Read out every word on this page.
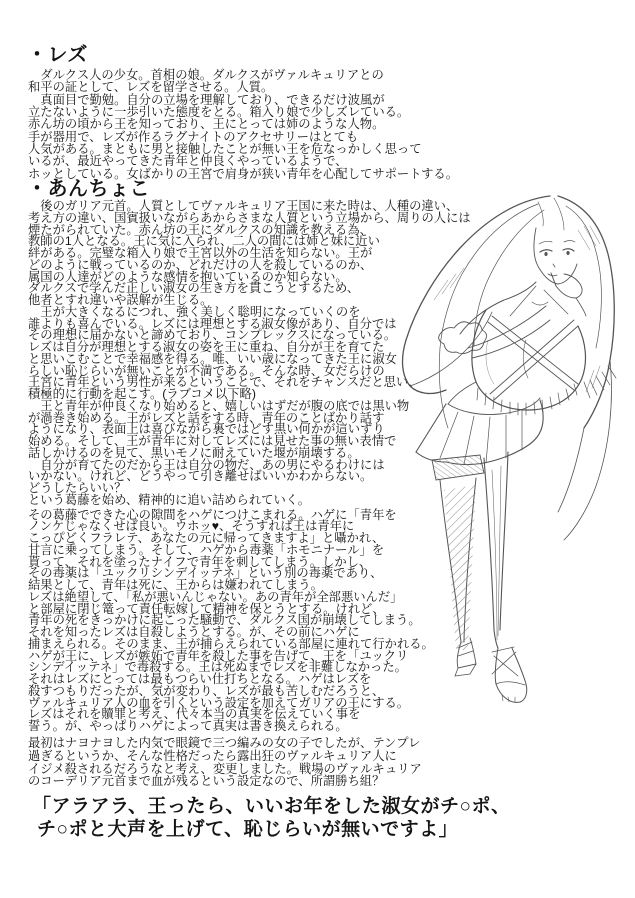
・レズ
　ダルクス人の少女。首相の娘。ダルクスがヴァルキュリアとの
和平の証として、レズを留学させる。人質。
　真面目で勤勉。自分の立場を理解しており、できるだけ波風が
立たないように一歩引いた態度をとる。箱入り娘で少しズレている。
赤ん坊の頃から王を知っており、王にとっては姉のような人物。
手が器用で、レズが作るラグナイトのアクセサリーはとても
人気がある。まともに男と接触したことが無い王を危なっかしく思って
いるが、最近やってきた青年と仲良くやっているようで、
ホッとしている。女ばかりの王宮で肩身が狭い青年を心配してサポートする。
・あんちょこ
　後のガリア元首。人質としてヴァルキュリア王国に来た時は、人種の違い、
考え方の違い、国賓扱いながらあからさまな人質という立場から、周りの人には
煙たがられていた。赤ん坊の王にダルクスの知識を教える為、
教師の1人となる。王に気に入られ、二人の間には姉と妹に近い
絆がある。完璧な箱入り娘で王宮以外の生活を知らない。王が
どのように戦っているのか、どれだけの人を殺しているのか、
属国の人達がどのような感情を抱いているのか知らない。
ダルクスで学んだ正しい淑女の生き方を貫こうとするため、
他者とすれ違いや誤解が生じる。
　王が大きくなるにつれ、強く美しく聡明になっていくのを
誰よりも喜んでいる。レズには理想とする淑女像があり、自分では
その理想に届かないと諦めており、コンプレックスになっている。
レズは自分が理想とする淑女の姿を王に重ね、自分が王を育てた
と思いこむことで幸福感を得る。唯、いい歳になってきた王に淑女
らしい恥じらいが無いことが不満である。そんな時、女だらけの
王宮に青年という男性が来るということで、それをチャンスだと思い、
積極的に行動を起こす。(ラブコメ以下略)
　王と青年が仲良くなり始めると、嬉しいはずだが腹の底では黒い物
が渦巻き始める。王がレズと話をする時、青年のことばかり話す
ようになり、表面上は喜びながら裏ではどす黒い何かが這いずり
始める。そして、王が青年に対してレズには見せた事の無い表情で
話しかけるのを見て、黒いモノに耐えていた堰が崩壊する。
　自分が育てたのだから王は自分の物だ、あの男にやるわけには
いかない。けれど、どうやって引き離せばいいかわからない。
どうしたらいい？
という葛藤を始め、精神的に追い詰められていく。
その葛藤でできた心の隙間をハゲにつけこまれる。ハゲに「青年を
ノンケじゃなくせば良い。ウホッ♥、そうすれば王は青年に
こっぴどくフラレテ、あなたの元に帰ってきますよ」と囁かれ、
甘言に乗ってしまう。そして、ハゲから毒薬「ホモニナール」を
貰って、それを塗ったナイフで青年を刺してしまう。しかし、
その毒薬は「ユックリシンデイッテネ」という別の毒薬であり、
結果として、青年は死に、王からは嫌われてしまう。
レズは絶望して、「私が悪いんじゃない。あの青年が全部悪いんだ」
と部屋に閉じ篭って責任転嫁して精神を保とうとする。けれど、
青年の死をきっかけに起こった騒動で、ダルクス国が崩壊してしまう。
それを知ったレズは自殺しようとする。が、その前にハゲに
捕まえられる。そのまま、王が捕らえられている部屋に連れて行かれる。
ハゲが王に、レズが嫉妬で青年を殺した事を告げて、王を「ユックリ
シンデイッテネ」で毒殺する。王は死ぬまでレズを非難しなかった。
それはレズにとっては最もつらい仕打ちとなる。ハゲはレズを
殺すつもりだったが、気が変わり、レズが最も苦しむだろうと、
ヴァルキュリア人の血を引くという設定を加えてガリアの王にする。
レズはそれを贖罪と考え、代々本当の真実を伝えていく事を
誓う。が、やっぱりハゲによって真実は書き換えられる。
最初はナヨナヨした内気で眼鏡で三つ編みの女の子でしたが、テンプレ
過ぎるというか、そんな性格だったら露出狂のヴァルキュリア人に
イジメ殺されるだろうなと考え、変更しました。戦場のヴァルキュリア
のコーデリア元首まで血が残るという設定なので、所謂勝ち組？
「アラアラ、王ったら、いいお年をした淑女がチ○ポ、
チ○ポと大声を上げて、恥じらいが無いですよ」
